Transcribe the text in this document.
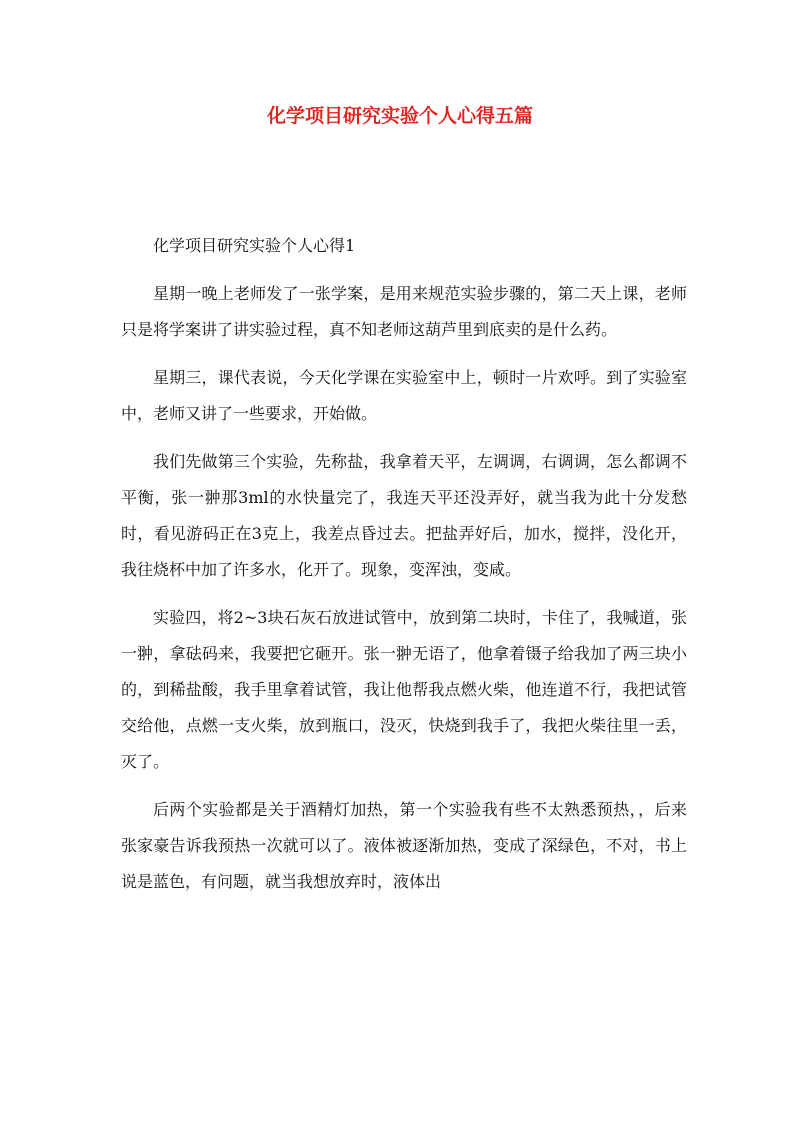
化学项目研究实验个人心得五篇

化学项目研究实验个人心得1

星期一晚上老师发了一张学案，是用来规范实验步骤的，第二天上课，老师只是将学案讲了讲实验过程，真不知老师这葫芦里到底卖的是什么药。

星期三，课代表说，今天化学课在实验室中上，顿时一片欢呼。到了实验室中，老师又讲了一些要求，开始做。

我们先做第三个实验，先称盐，我拿着天平，左调调，右调调，怎么都调不平衡，张一翀那3ml的水快量完了，我连天平还没弄好，就当我为此十分发愁时，看见游码正在3克上，我差点昏过去。把盐弄好后，加水，搅拌，没化开，我往烧杯中加了许多水，化开了。现象，变浑浊，变咸。

实验四，将2~3块石灰石放进试管中，放到第二块时，卡住了，我喊道，张一翀，拿砝码来，我要把它砸开。张一翀无语了，他拿着镊子给我加了两三块小的，到稀盐酸，我手里拿着试管，我让他帮我点燃火柴，他连道不行，我把试管交给他，点燃一支火柴，放到瓶口，没灭，快烧到我手了，我把火柴往里一丢，灭了。

后两个实验都是关于酒精灯加热，第一个实验我有些不太熟悉预热，，后来张家豪告诉我预热一次就可以了。液体被逐渐加热，变成了深绿色，不对，书上说是蓝色，有问题，就当我想放弃时，液体出
